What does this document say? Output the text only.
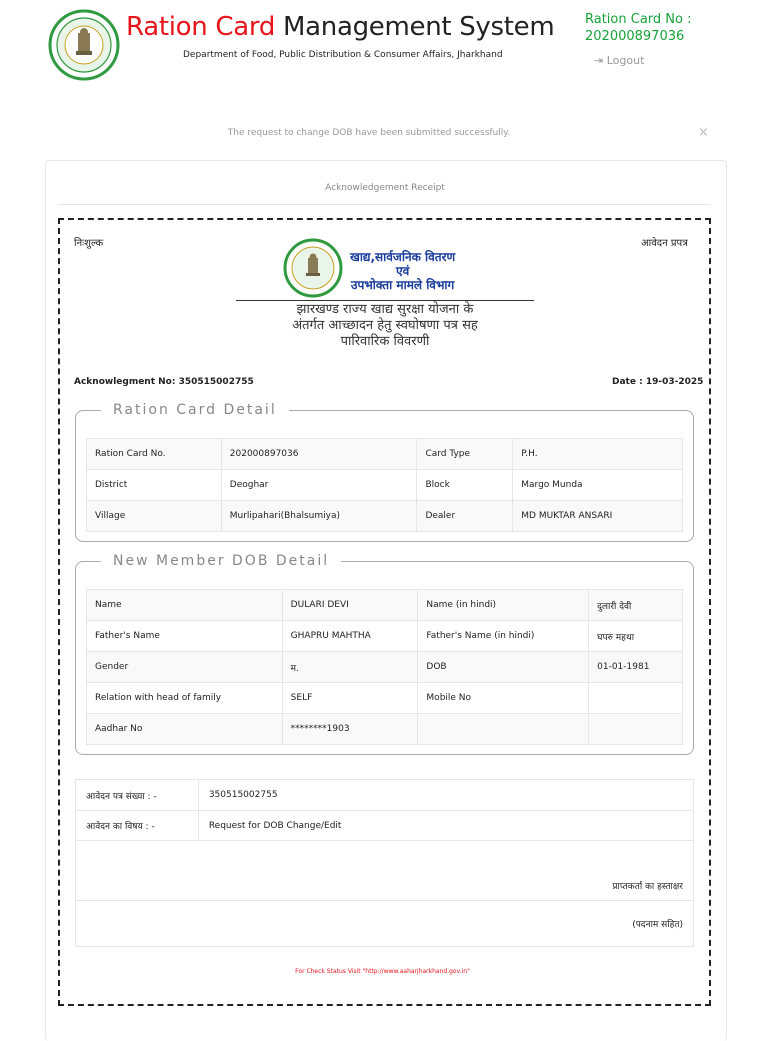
Ration Card Management System
Department of Food, Public Distribution & Consumer Affairs, Jharkhand
Ration Card No :
202000897036
⇥ Logout
The request to change DOB have been submitted successfully.	×
Acknowledgement Receipt
निःशुल्क	आवेदन प्रपत्र
खाद्य,सार्वजनिक वितरण
एवं
उपभोक्ता मामले विभाग
झारखण्ड राज्य खाद्य सुरक्षा योजना के
अंतर्गत आच्छादन हेतु स्वघोषणा पत्र सह
पारिवारिक विवरणी
Acknowlegment No: 350515002755	Date : 19-03-2025
Ration Card Detail
Ration Card No.	202000897036	Card Type	P.H.
District	Deoghar	Block	Margo Munda
Village	Murlipahari(Bhalsumiya)	Dealer	MD MUKTAR ANSARI
New Member DOB Detail
Name	DULARI DEVI	Name (in hindi)	दुलारी देवी
Father's Name	GHAPRU MAHTHA	Father's Name (in hindi)	घपरु महथा
Gender	म.	DOB	01-01-1981
Relation with head of family	SELF	Mobile No	
Aadhar No	********1903		
आवेदन पत्र संख्या : -	350515002755
आवेदन का विषय : -	Request for DOB Change/Edit
प्राप्तकर्ता का हस्ताक्षर	
(पदनाम सहित)	
For Check Status Visit "http://www.aaharjharkhand.gov.in"
